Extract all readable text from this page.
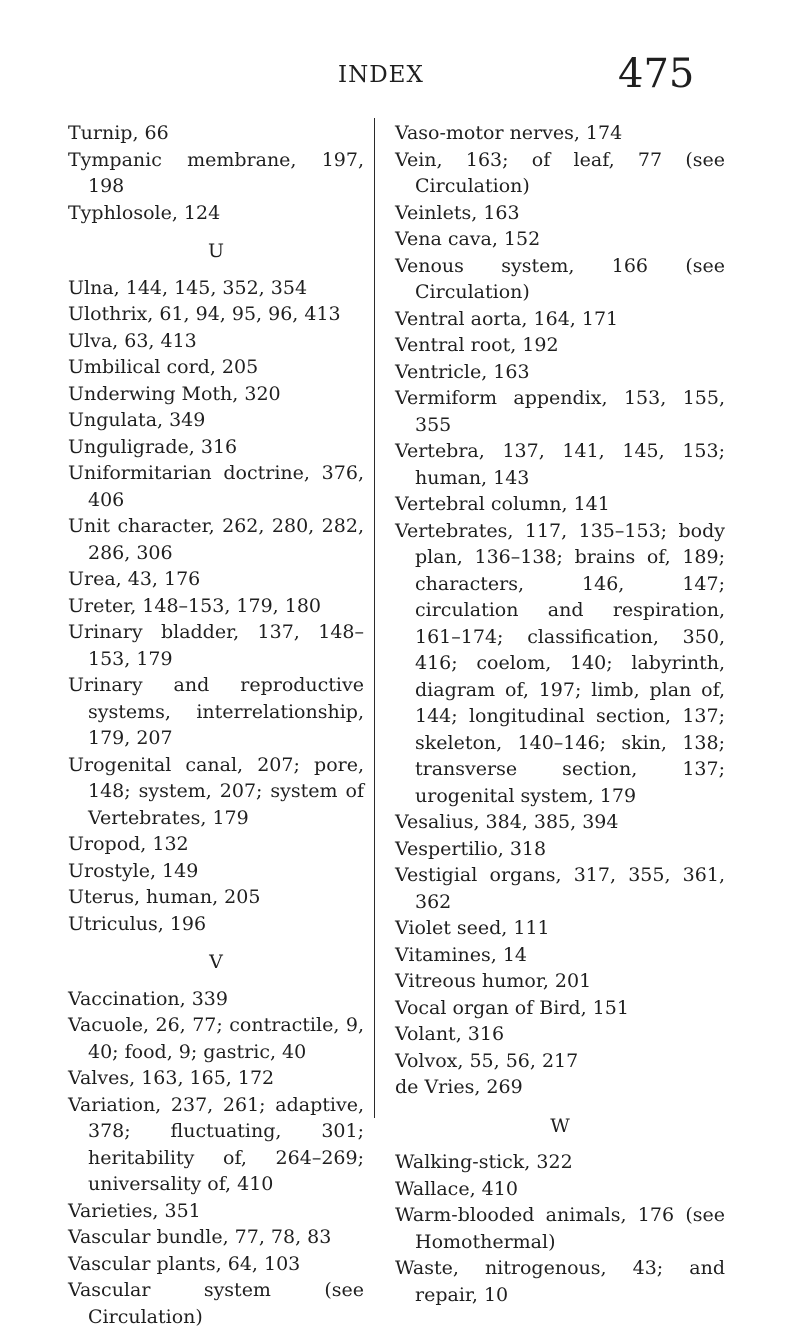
INDEX	475

Turnip, 66

Tympanic membrane, 197, 198

Typhlosole, 124

U

Ulna, 144, 145, 352, 354

Ulothrix, 61, 94, 95, 96, 413

Ulva, 63, 413

Umbilical cord, 205

Underwing Moth, 320

Ungulata, 349

Unguligrade, 316

Uniformitarian doctrine, 376, 406

Unit character, 262, 280, 282, 286, 306

Urea, 43, 176

Ureter, 148–153, 179, 180

Urinary bladder, 137, 148–153, 179

Urinary and reproductive systems, interrelationship, 179, 207

Urogenital canal, 207; pore, 148; system, 207; system of Vertebrates, 179

Uropod, 132

Urostyle, 149

Uterus, human, 205

Utriculus, 196

V

Vaccination, 339

Vacuole, 26, 77; contractile, 9, 40; food, 9; gastric, 40

Valves, 163, 165, 172

Variation, 237, 261; adaptive, 378; fluctuating, 301; heritability of, 264–269; universality of, 410

Varieties, 351

Vascular bundle, 77, 78, 83

Vascular plants, 64, 103

Vascular system (see Circulation)

Vaso-motor nerves, 174

Vein, 163; of leaf, 77 (see Circulation)

Veinlets, 163

Vena cava, 152

Venous system, 166 (see Circulation)

Ventral aorta, 164, 171

Ventral root, 192

Ventricle, 163

Vermiform appendix, 153, 155, 355

Vertebra, 137, 141, 145, 153; human, 143

Vertebral column, 141

Vertebrates, 117, 135–153; body plan, 136–138; brains of, 189; characters, 146, 147; circulation and respiration, 161–174; classification, 350, 416; coelom, 140; labyrinth, diagram of, 197; limb, plan of, 144; longitudinal section, 137; skeleton, 140–146; skin, 138; transverse section, 137; urogenital system, 179

Vesalius, 384, 385, 394

Vespertilio, 318

Vestigial organs, 317, 355, 361, 362

Violet seed, 111

Vitamines, 14

Vitreous humor, 201

Vocal organ of Bird, 151

Volant, 316

Volvox, 55, 56, 217

de Vries, 269

W

Walking-stick, 322

Wallace, 410

Warm-blooded animals, 176 (see Homothermal)

Waste, nitrogenous, 43; and repair, 10
